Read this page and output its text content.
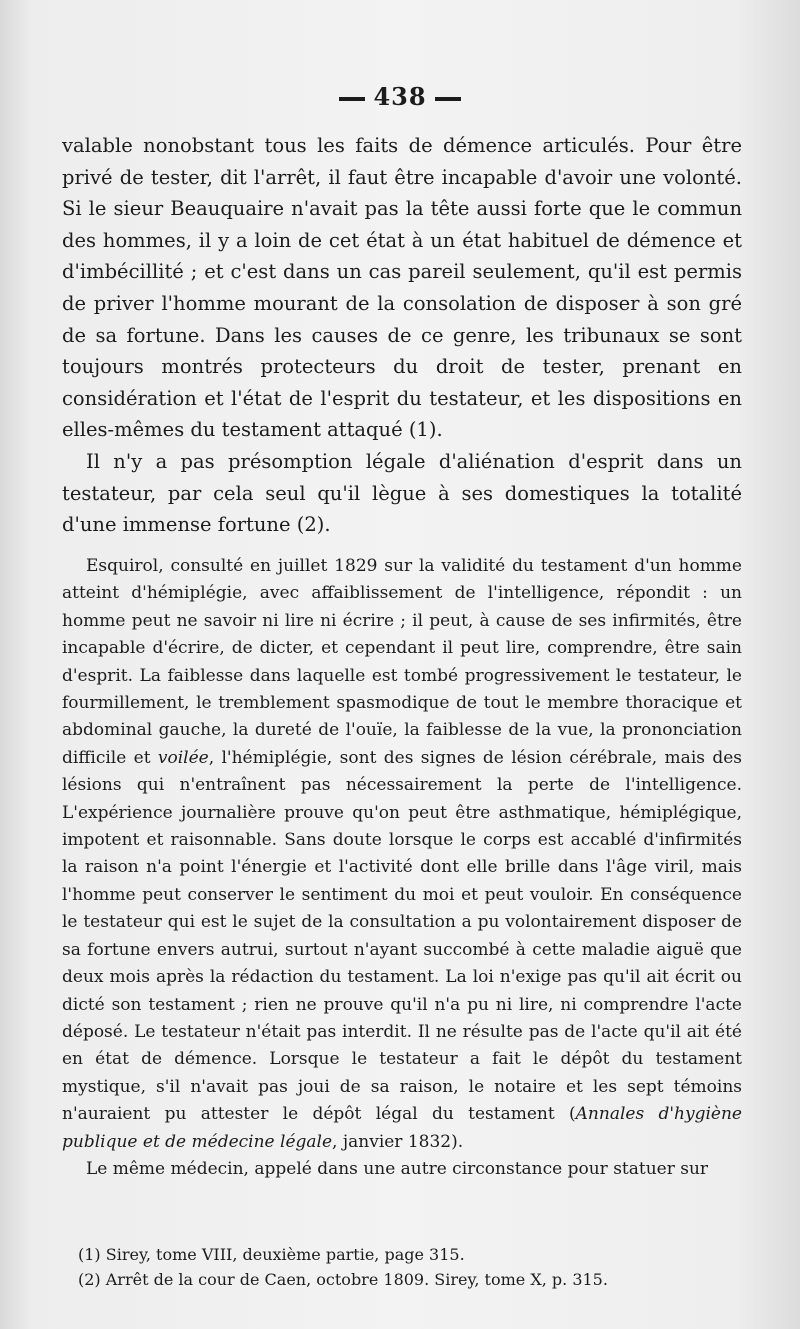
438

valable nonobstant tous les faits de démence articulés. Pour être privé de tester, dit l'arrêt, il faut être incapable d'avoir une volonté. Si le sieur Beauquaire n'avait pas la tête aussi forte que le commun des hommes, il y a loin de cet état à un état habituel de démence et d'imbécillité ; et c'est dans un cas pareil seulement, qu'il est permis de priver l'homme mourant de la consolation de disposer à son gré de sa fortune. Dans les causes de ce genre, les tribunaux se sont toujours montrés protecteurs du droit de tester, prenant en considération et l'état de l'esprit du testateur, et les dispositions en elles-mêmes du testament attaqué (1).

Il n'y a pas présomption légale d'aliénation d'esprit dans un testateur, par cela seul qu'il lègue à ses domestiques la totalité d'une immense fortune (2).

Esquirol, consulté en juillet 1829 sur la validité du testament d'un homme atteint d'hémiplégie, avec affaiblissement de l'intelligence, répondit : un homme peut ne savoir ni lire ni écrire ; il peut, à cause de ses infirmités, être incapable d'écrire, de dicter, et cependant il peut lire, comprendre, être sain d'esprit. La faiblesse dans laquelle est tombé progressivement le testateur, le fourmillement, le tremblement spasmodique de tout le membre thoracique et abdominal gauche, la dureté de l'ouïe, la faiblesse de la vue, la prononciation difficile et voilée, l'hémiplégie, sont des signes de lésion cérébrale, mais des lésions qui n'entraînent pas nécessairement la perte de l'intelligence. L'expérience journalière prouve qu'on peut être asthmatique, hémiplégique, impotent et raisonnable. Sans doute lorsque le corps est accablé d'infirmités la raison n'a point l'énergie et l'activité dont elle brille dans l'âge viril, mais l'homme peut conserver le sentiment du moi et peut vouloir. En conséquence le testateur qui est le sujet de la consultation a pu volontairement disposer de sa fortune envers autrui, surtout n'ayant succombé à cette maladie aiguë que deux mois après la rédaction du testament. La loi n'exige pas qu'il ait écrit ou dicté son testament ; rien ne prouve qu'il n'a pu ni lire, ni comprendre l'acte déposé. Le testateur n'était pas interdit. Il ne résulte pas de l'acte qu'il ait été en état de démence. Lorsque le testateur a fait le dépôt du testament mystique, s'il n'avait pas joui de sa raison, le notaire et les sept témoins n'auraient pu attester le dépôt légal du testament (Annales d'hygiène publique et de médecine légale, janvier 1832).

Le même médecin, appelé dans une autre circonstance pour statuer sur

(1) Sirey, tome VIII, deuxième partie, page 315.
(2) Arrêt de la cour de Caen, octobre 1809. Sirey, tome X, p. 315.
